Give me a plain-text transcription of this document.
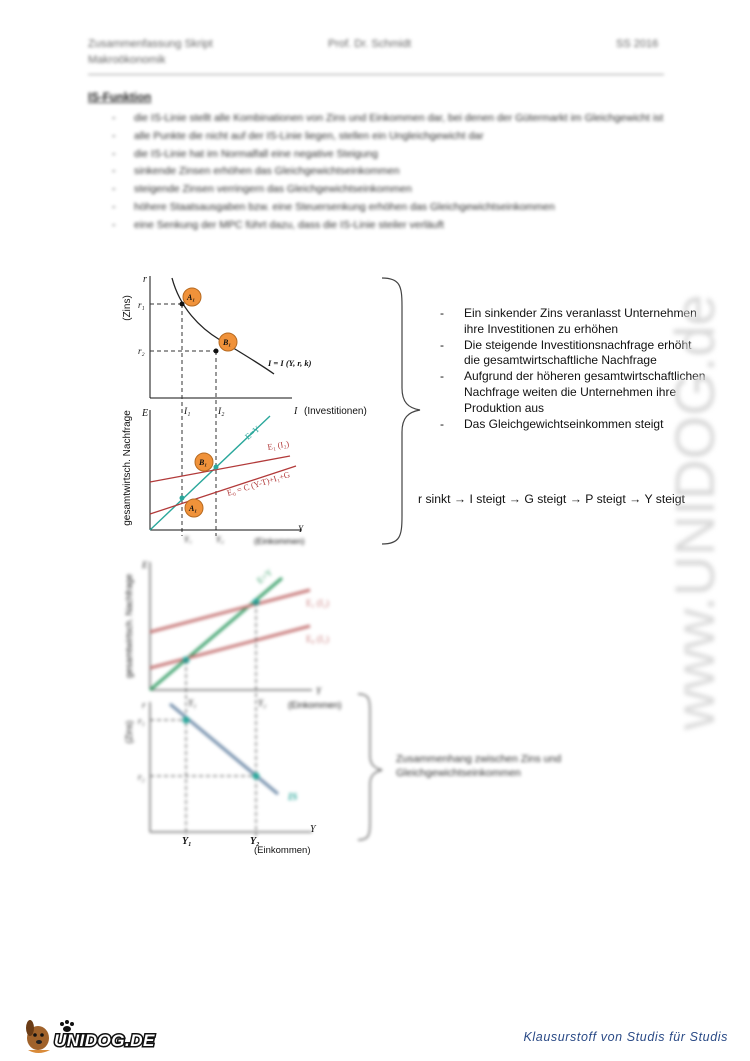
Zusammenfassung Skript
Makroökonomik
Prof. Dr. Schmidt	SS 2016
IS-Funktion
- die IS-Linie stellt alle Kombinationen von Zins und Einkommen dar, bei denen der Gütermarkt im Gleichgewicht ist
- alle Punkte die nicht auf der IS-Linie liegen, stellen ein Ungleichgewicht dar
- die IS-Linie hat im Normalfall eine negative Steigung
- sinkende Zinsen erhöhen das Gleichgewichtseinkommen
- steigende Zinsen verringern das Gleichgewichtseinkommen
- höhere Staatsausgaben bzw. eine Steuersenkung erhöhen das Gleichgewichtseinkommen
- eine Senkung der MPC führt dazu, dass die IS-Linie steiler verläuft
r
(Zins) r₁
r₂
I = I (Y, r, k)
A₁
B₁
I (Investitionen)
I₁	I₂
E
gesamtwirtsch. Nachfrage	E=Y
E₁ (I₂)
E₀ = C (Y-T)+I₁+G
B₁
A₁
Y
Y₁	Y₂	(Einkommen)
- Ein sinkender Zins veranlasst Unternehmen ihre Investitionen zu erhöhen
- Die steigende Investitionsnachfrage erhöht die gesamtwirtschaftliche Nachfrage
- Aufgrund der höheren gesamtwirtschaftlichen Nachfrage weiten die Unternehmen ihre Produktion aus
- Das Gleichgewichtseinkommen steigt
r sinkt → I steigt → G steigt → P steigt → Y steigt
E
gesamtwirtsch. Nachfrage	E=Y
E₁ (I₂)
E₀ (I₁)
Y
Y₁	Y₂ (Einkommen)
r
(Zins) r₁
r₂
IS
Y
Y₁	Y₂
(Einkommen)
Zusammenhang zwischen Zins und Gleichgewichtseinkommen
www.UNIDOG.de
UNIDOG.DE	Klausurstoff von Studis für Studis
